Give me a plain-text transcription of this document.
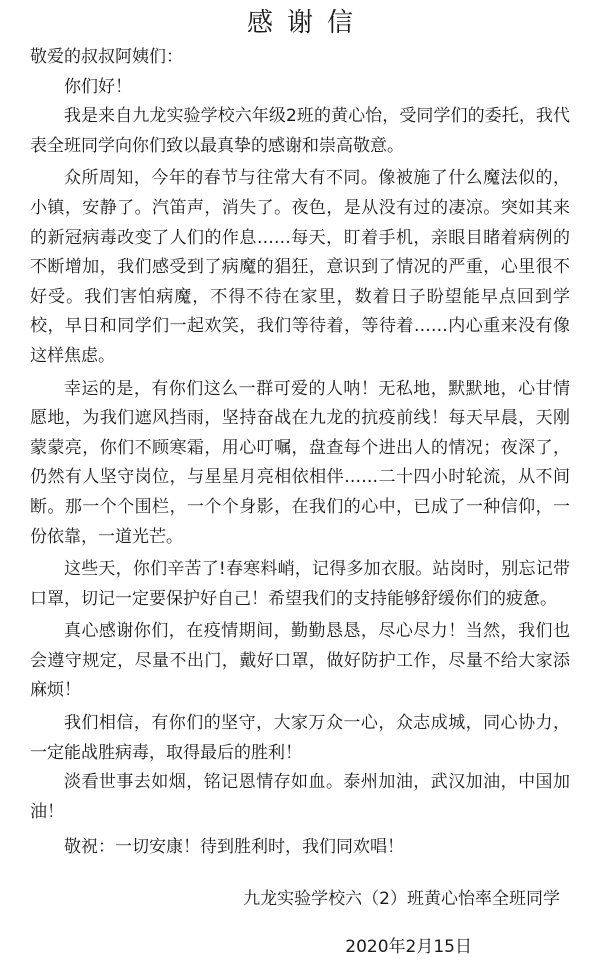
感谢信

敬爱的叔叔阿姨们：

你们好！

我是来自九龙实验学校六年级2班的黄心怡，受同学们的委托，我代表全班同学向你们致以最真挚的感谢和崇高敬意。

众所周知，今年的春节与往常大有不同。像被施了什么魔法似的，小镇，安静了。汽笛声，消失了。夜色，是从没有过的凄凉。突如其来的新冠病毒改变了人们的作息……每天，盯着手机，亲眼目睹着病例的不断增加，我们感受到了病魔的猖狂，意识到了情况的严重，心里很不好受。我们害怕病魔，不得不待在家里，数着日子盼望能早点回到学校，早日和同学们一起欢笑，我们等待着，等待着……内心重来没有像这样焦虑。

幸运的是，有你们这么一群可爱的人呐！无私地，默默地，心甘情愿地，为我们遮风挡雨，坚持奋战在九龙的抗疫前线！每天早晨，天刚蒙蒙亮，你们不顾寒霜，用心叮嘱，盘查每个进出人的情况；夜深了，仍然有人坚守岗位，与星星月亮相依相伴……二十四小时轮流，从不间断。那一个个围栏，一个个身影，在我们的心中，已成了一种信仰，一份依靠，一道光芒。

这些天，你们辛苦了!春寒料峭，记得多加衣服。站岗时，别忘记带口罩，切记一定要保护好自己！希望我们的支持能够舒缓你们的疲惫。

真心感谢你们，在疫情期间，勤勤恳恳，尽心尽力！当然，我们也会遵守规定，尽量不出门，戴好口罩，做好防护工作，尽量不给大家添麻烦！

我们相信，有你们的坚守，大家万众一心，众志成城，同心协力，一定能战胜病毒，取得最后的胜利！

淡看世事去如烟，铭记恩情存如血。泰州加油，武汉加油，中国加油！

敬祝：一切安康！待到胜利时，我们同欢唱！

九龙实验学校六（2）班黄心怡率全班同学

2020年2月15日
